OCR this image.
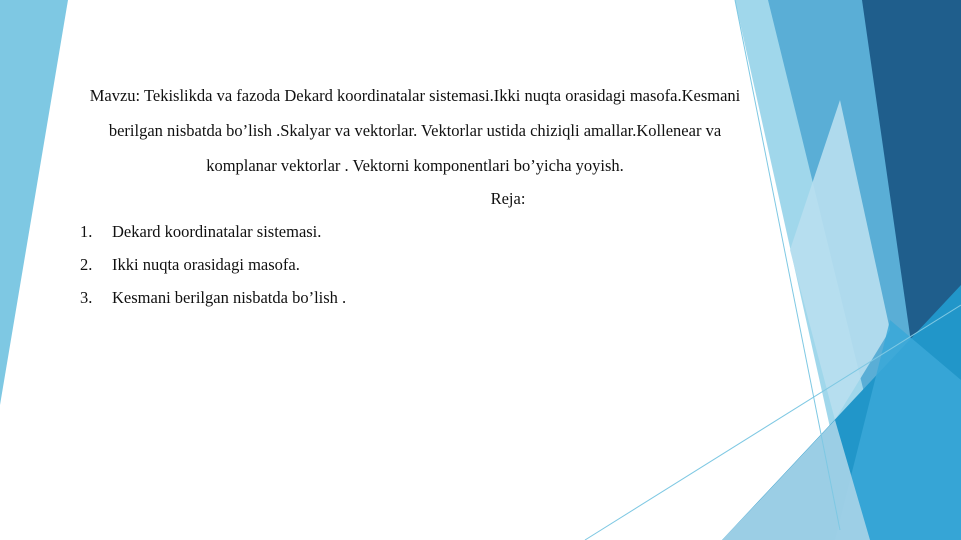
Mavzu: Tekislikda va fazoda Dekard koordinatalar sistemasi.Ikki nuqta orasidagi masofa.Kesmani berilgan nisbatda bo’lish .Skalyar va vektorlar. Vektorlar ustida chiziqli amallar.Kollenear va komplanar vektorlar . Vektorni komponentlari bo’yicha yoyish.

Reja:

1.	Dekard koordinatalar sistemasi.
2.	Ikki nuqta orasidagi masofa.
3.	Kesmani berilgan nisbatda bo’lish .
